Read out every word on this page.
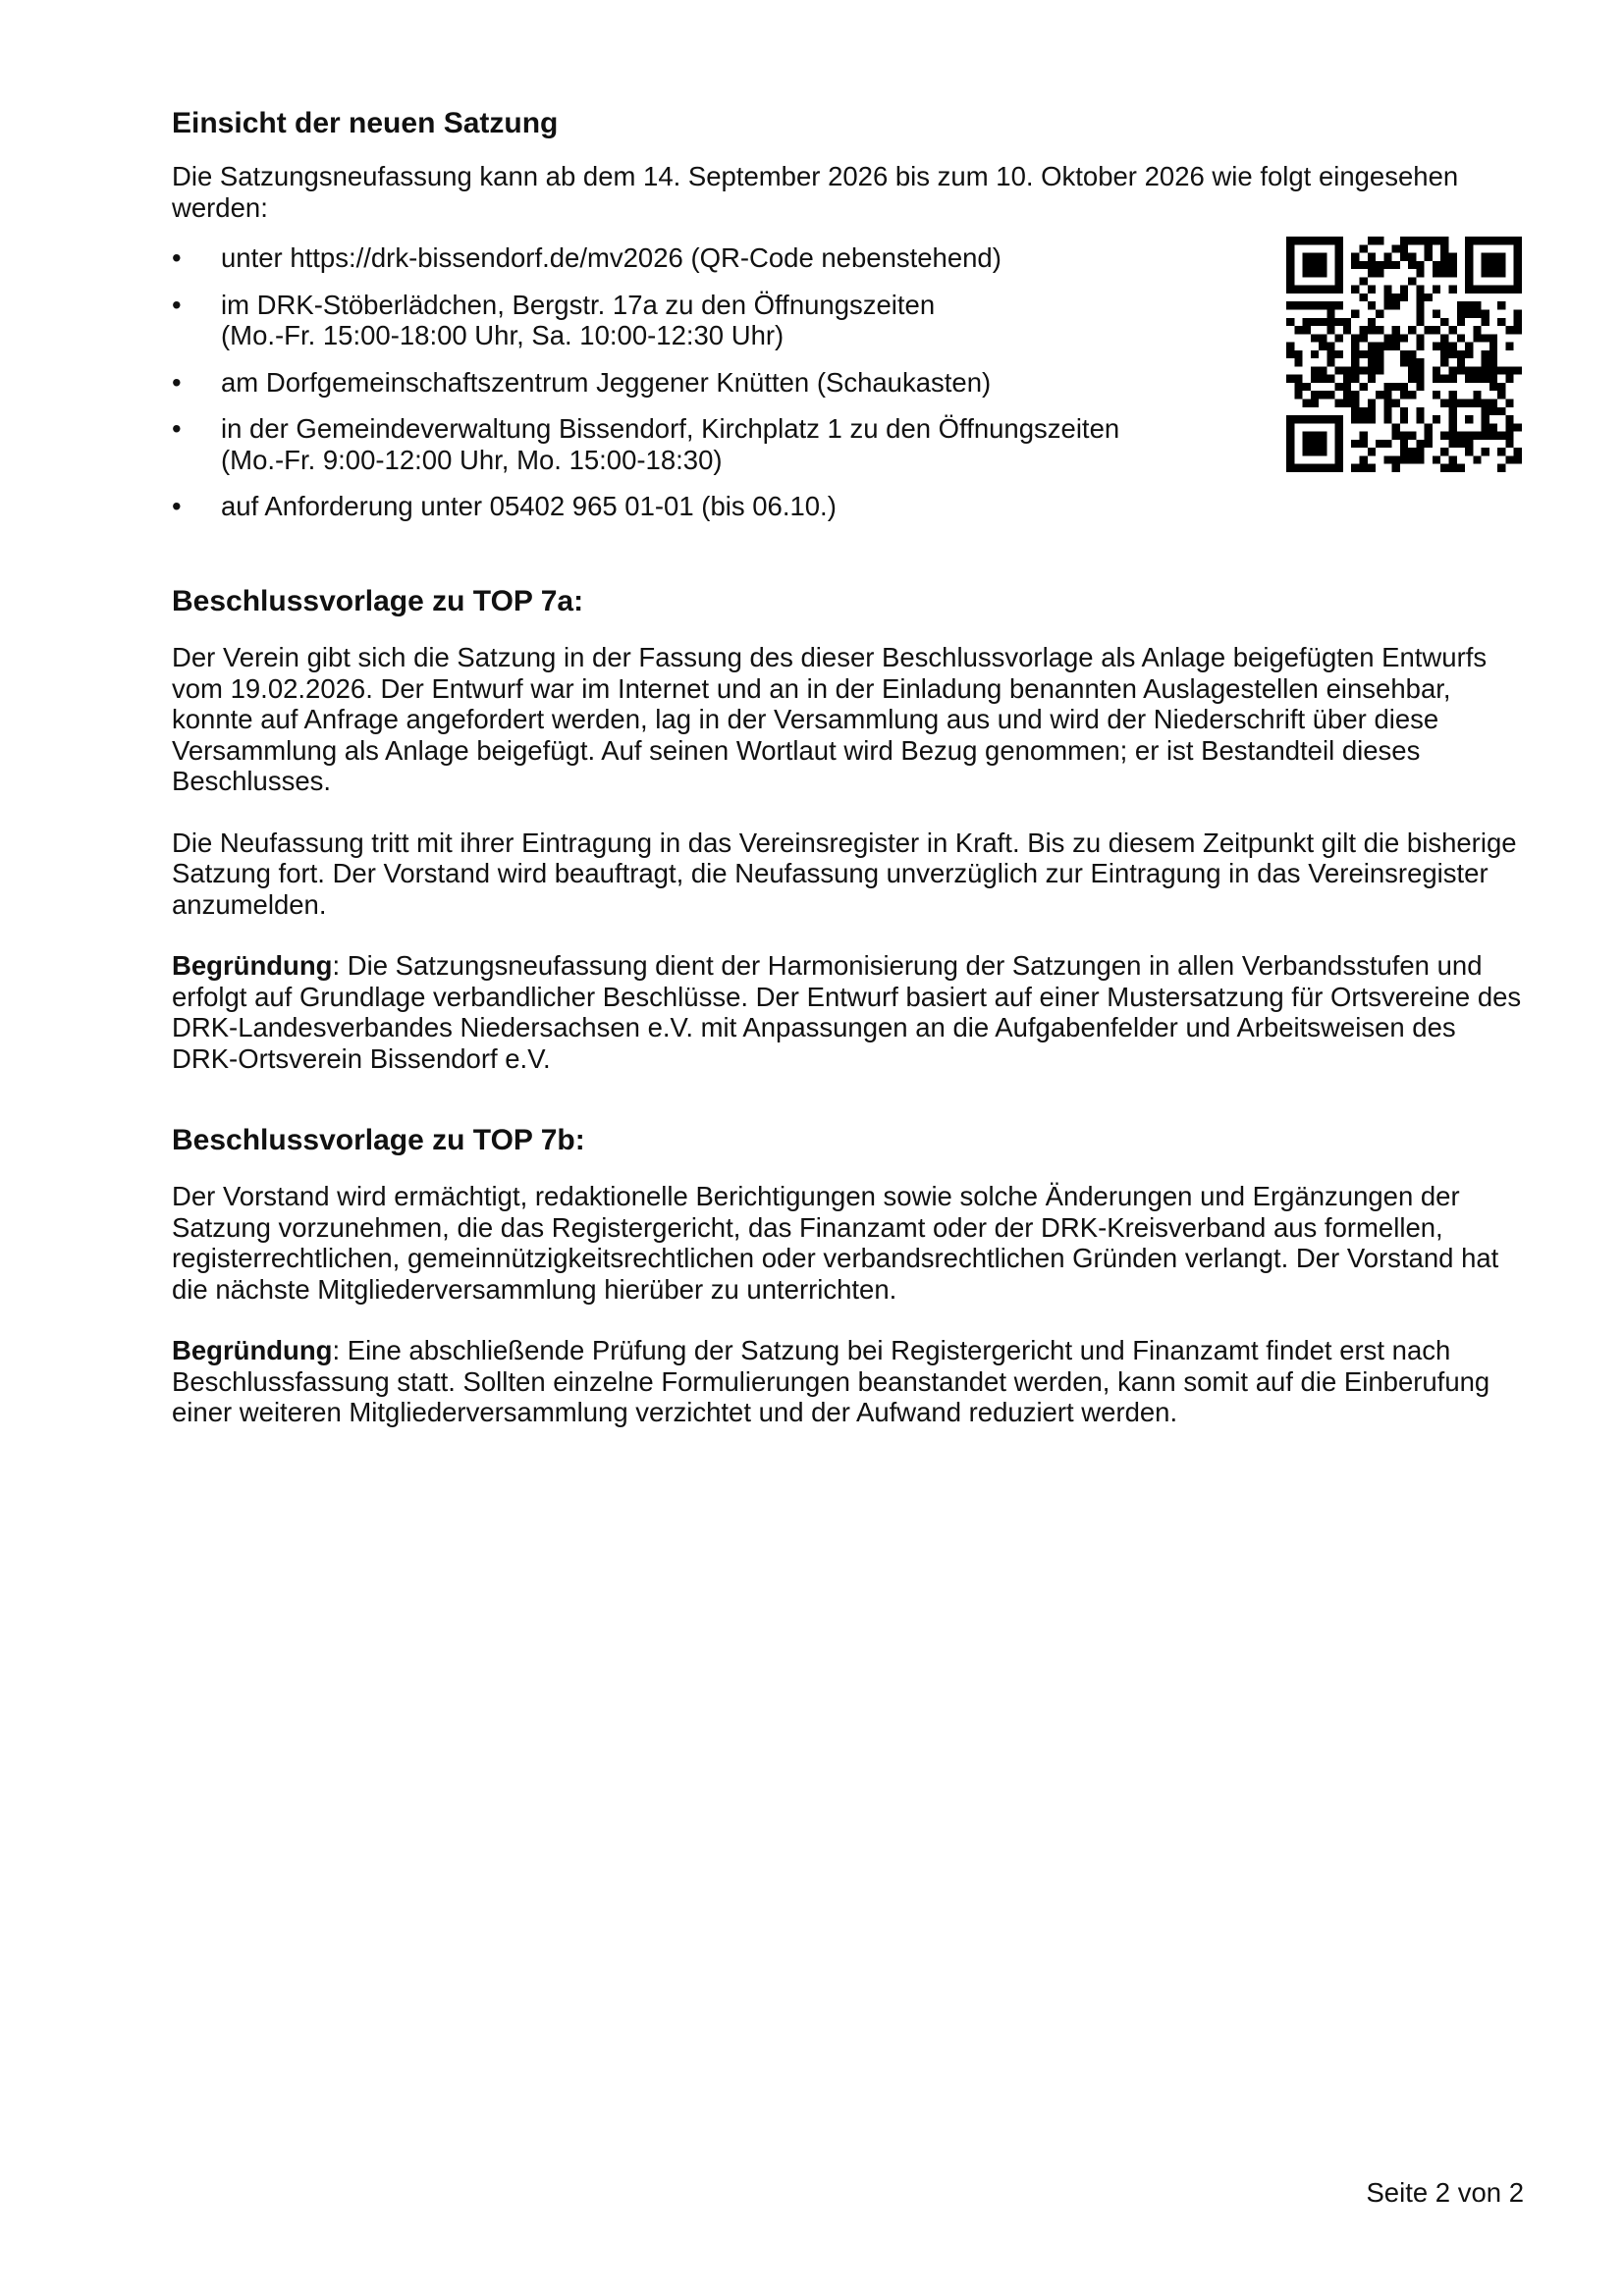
Einsicht der neuen Satzung

Die Satzungsneufassung kann ab dem 14. September 2026 bis zum 10. Oktober 2026 wie folgt eingesehen werden:

• unter https://drk-bissendorf.de/mv2026 (QR-Code nebenstehend)
• im DRK-Stöberlädchen, Bergstr. 17a zu den Öffnungszeiten
(Mo.-Fr. 15:00-18:00 Uhr, Sa. 10:00-12:30 Uhr)
• am Dorfgemeinschaftszentrum Jeggener Knütten (Schaukasten)
• in der Gemeindeverwaltung Bissendorf, Kirchplatz 1 zu den Öffnungszeiten
(Mo.-Fr. 9:00-12:00 Uhr, Mo. 15:00-18:30)
• auf Anforderung unter 05402 965 01-01 (bis 06.10.)
Beschlussvorlage zu TOP 7a:

Der Verein gibt sich die Satzung in der Fassung des dieser Beschlussvorlage als Anlage beigefügten Entwurfs vom 19.02.2026. Der Entwurf war im Internet und an in der Einladung benannten Auslagestellen einsehbar, konnte auf Anfrage angefordert werden, lag in der Versammlung aus und wird der Niederschrift über diese Versammlung als Anlage beigefügt. Auf seinen Wortlaut wird Bezug genommen; er ist Bestandteil dieses Beschlusses.

Die Neufassung tritt mit ihrer Eintragung in das Vereinsregister in Kraft. Bis zu diesem Zeitpunkt gilt die bisherige Satzung fort. Der Vorstand wird beauftragt, die Neufassung unverzüglich zur Eintragung in das Vereinsregister anzumelden.

Begründung: Die Satzungsneufassung dient der Harmonisierung der Satzungen in allen Verbandsstufen und erfolgt auf Grundlage verbandlicher Beschlüsse. Der Entwurf basiert auf einer Mustersatzung für Ortsvereine des DRK-Landesverbandes Niedersachsen e.V. mit Anpassungen an die Aufgabenfelder und Arbeitsweisen des DRK-Ortsverein Bissendorf e.V.

Beschlussvorlage zu TOP 7b:

Der Vorstand wird ermächtigt, redaktionelle Berichtigungen sowie solche Änderungen und Ergänzungen der Satzung vorzunehmen, die das Registergericht, das Finanzamt oder der DRK-Kreisverband aus formellen, registerrechtlichen, gemeinnützigkeitsrechtlichen oder verbandsrechtlichen Gründen verlangt. Der Vorstand hat die nächste Mitgliederversammlung hierüber zu unterrichten.

Begründung: Eine abschließende Prüfung der Satzung bei Registergericht und Finanzamt findet erst nach Beschlussfassung statt. Sollten einzelne Formulierungen beanstandet werden, kann somit auf die Einberufung einer weiteren Mitgliederversammlung verzichtet und der Aufwand reduziert werden.

Seite 2 von 2
